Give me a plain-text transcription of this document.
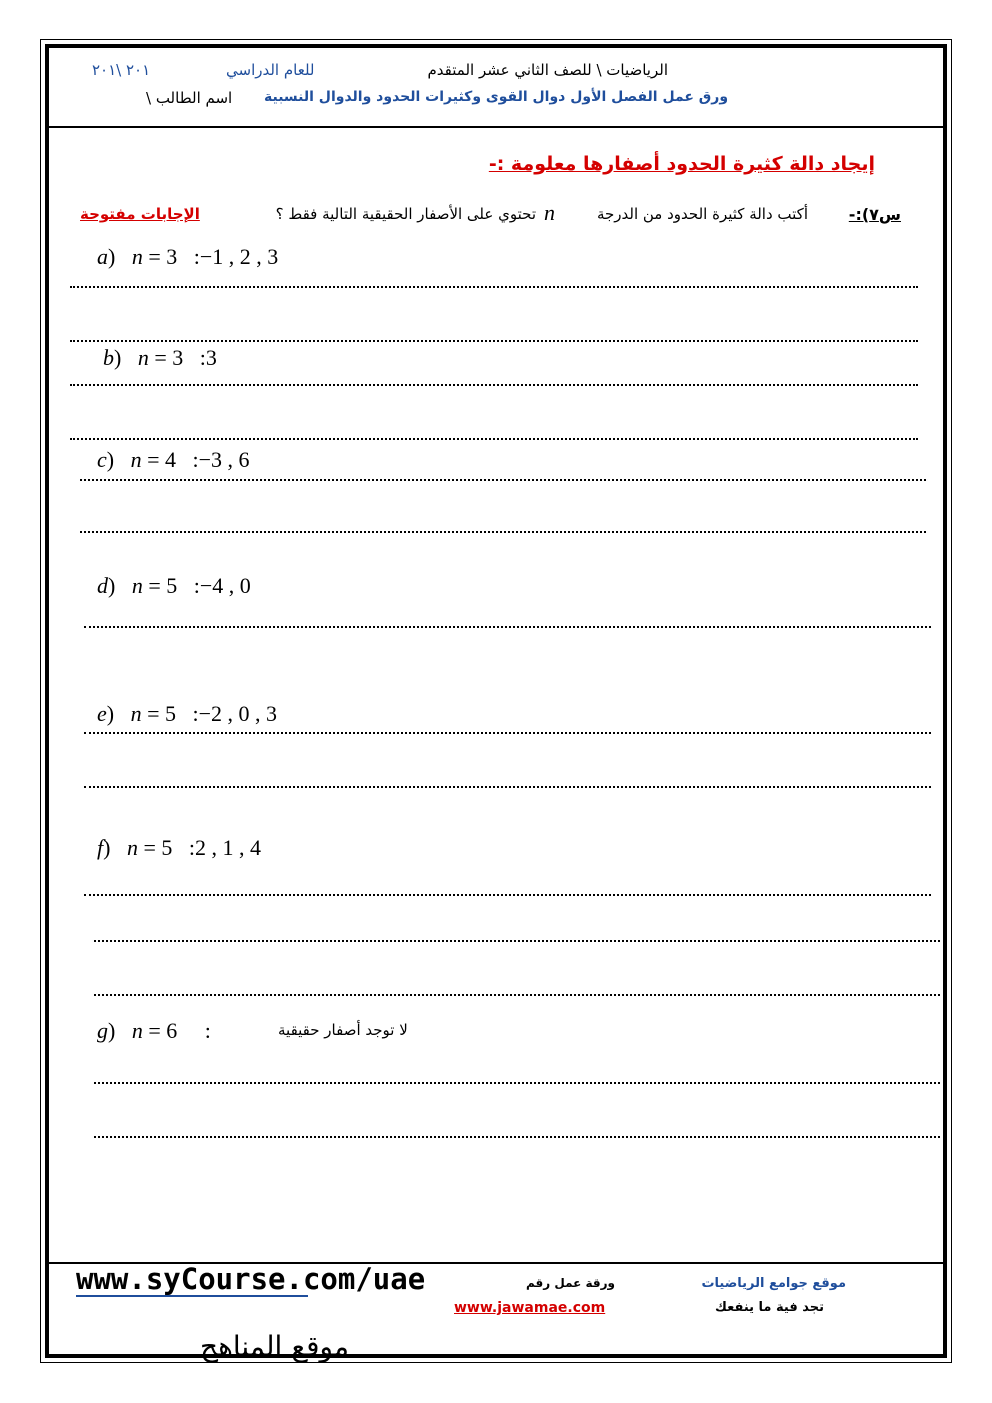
الرياضيات \ للصف الثاني عشر المتقدم
للعام الدراسي
٢٠١ \٢٠١
ورق عمل الفصل الأول دوال القوى وكثيرات الحدود والدوال النسبية
اسم الطالب \
إيجاد دالة كثيرة الحدود أصفارها معلومة :-
س٧):-
أكتب دالة كثيرة الحدود من الدرجة
n
تحتوي على الأصفار الحقيقية التالية فقط ؟
الإجابات مفتوحة
a)   n = 3   :−1 , 2 , 3
b)   n = 3   :3
c)   n = 4   :−3 , 6
d)   n = 5   :−4 , 0
e)   n = 5   :−2 , 0 , 3
f)   n = 5   :2 , 1 , 4
g)   n = 6     :	لا توجد أصفار حقيقية
موقع جوامع الرياضيات
تجد فية ما ينفعك
ورقة عمل رقم
www.jawamae.com
www.syCourse.com/uae
موقع المناهج
